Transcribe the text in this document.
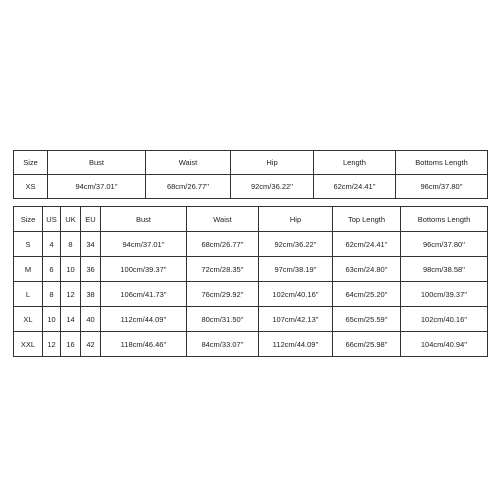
Size	Bust	Waist	Hip	Length	Bottoms Length
XS	94cm/37.01''	68cm/26.77''	92cm/36.22''	62cm/24.41''	96cm/37.80''
Size	US	UK	EU	Bust	Waist	Hip	Top Length	Bottoms Length
S	4	8	34	94cm/37.01''	68cm/26.77''	92cm/36.22''	62cm/24.41''	96cm/37.80''
M	6	10	36	100cm/39.37''	72cm/28.35''	97cm/38.19''	63cm/24.80''	98cm/38.58''
L	8	12	38	106cm/41.73''	76cm/29.92''	102cm/40.16''	64cm/25.20''	100cm/39.37''
XL	10	14	40	112cm/44.09''	80cm/31.50''	107cm/42.13''	65cm/25.59''	102cm/40.16''
XXL	12	16	42	118cm/46.46''	84cm/33.07''	112cm/44.09''	66cm/25.98''	104cm/40.94''
